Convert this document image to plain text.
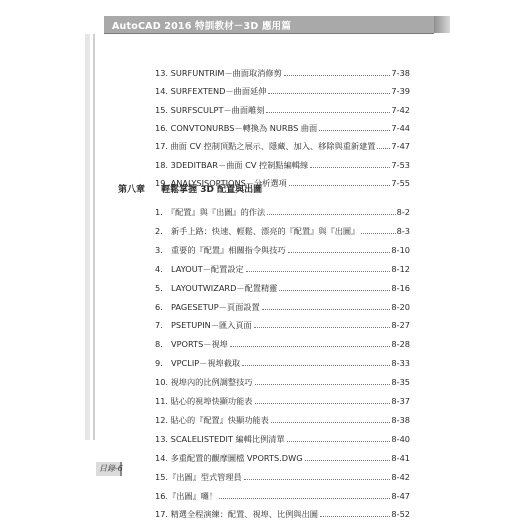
AutoCAD 2016 特訓教材－3D 應用篇
13. SURFUNTRIM－曲面取消修剪	7-38
14. SURFEXTEND－曲面延伸	7-39
15. SURFSCULPT－曲面雕刻	7-42
16. CONVTONURBS－轉換為 NURBS 曲面	7-44
17. 曲面 CV 控制頂點之展示、隱藏、加入、移除與重新建置 7-47
18. 3DEDITBAR－曲面 CV 控制點編輯線	7-53
19. ANALYSISOPTIONS－分析選項	7-55
第八章 輕鬆掌握 3D 配置與出圖
1.　『配置』與『出圖』的作法	8-2
2.　新手上路：快速、輕鬆、漂亮的『配置』與『出圖』	8-3
3.　重要的『配置』相關指令與技巧	8-10
4.　LAYOUT－配置設定	8-12
5.　LAYOUTWIZARD－配置精靈	8-16
6.　PAGESETUP－頁面設置	8-20
7.　PSETUPIN－匯入頁面	8-27
8.　VPORTS－視埠	8-28
9.　VPCLIP－視埠截取	8-33
10. 視埠內的比例調整技巧	8-35
11. 貼心的視埠快顯功能表	8-37
12. 貼心的『配置』快顯功能表	8-38
13. SCALELISTEDIT 編輯比例清單	8-40
14. 多重配置的觀摩圖檔 VPORTS.DWG	8-41
15.『出圖』型式管理員	8-42
16.『出圖』囉！	8-47
17. 精選全程演練：配置、視埠、比例與出圖	8-52
目錄-6
